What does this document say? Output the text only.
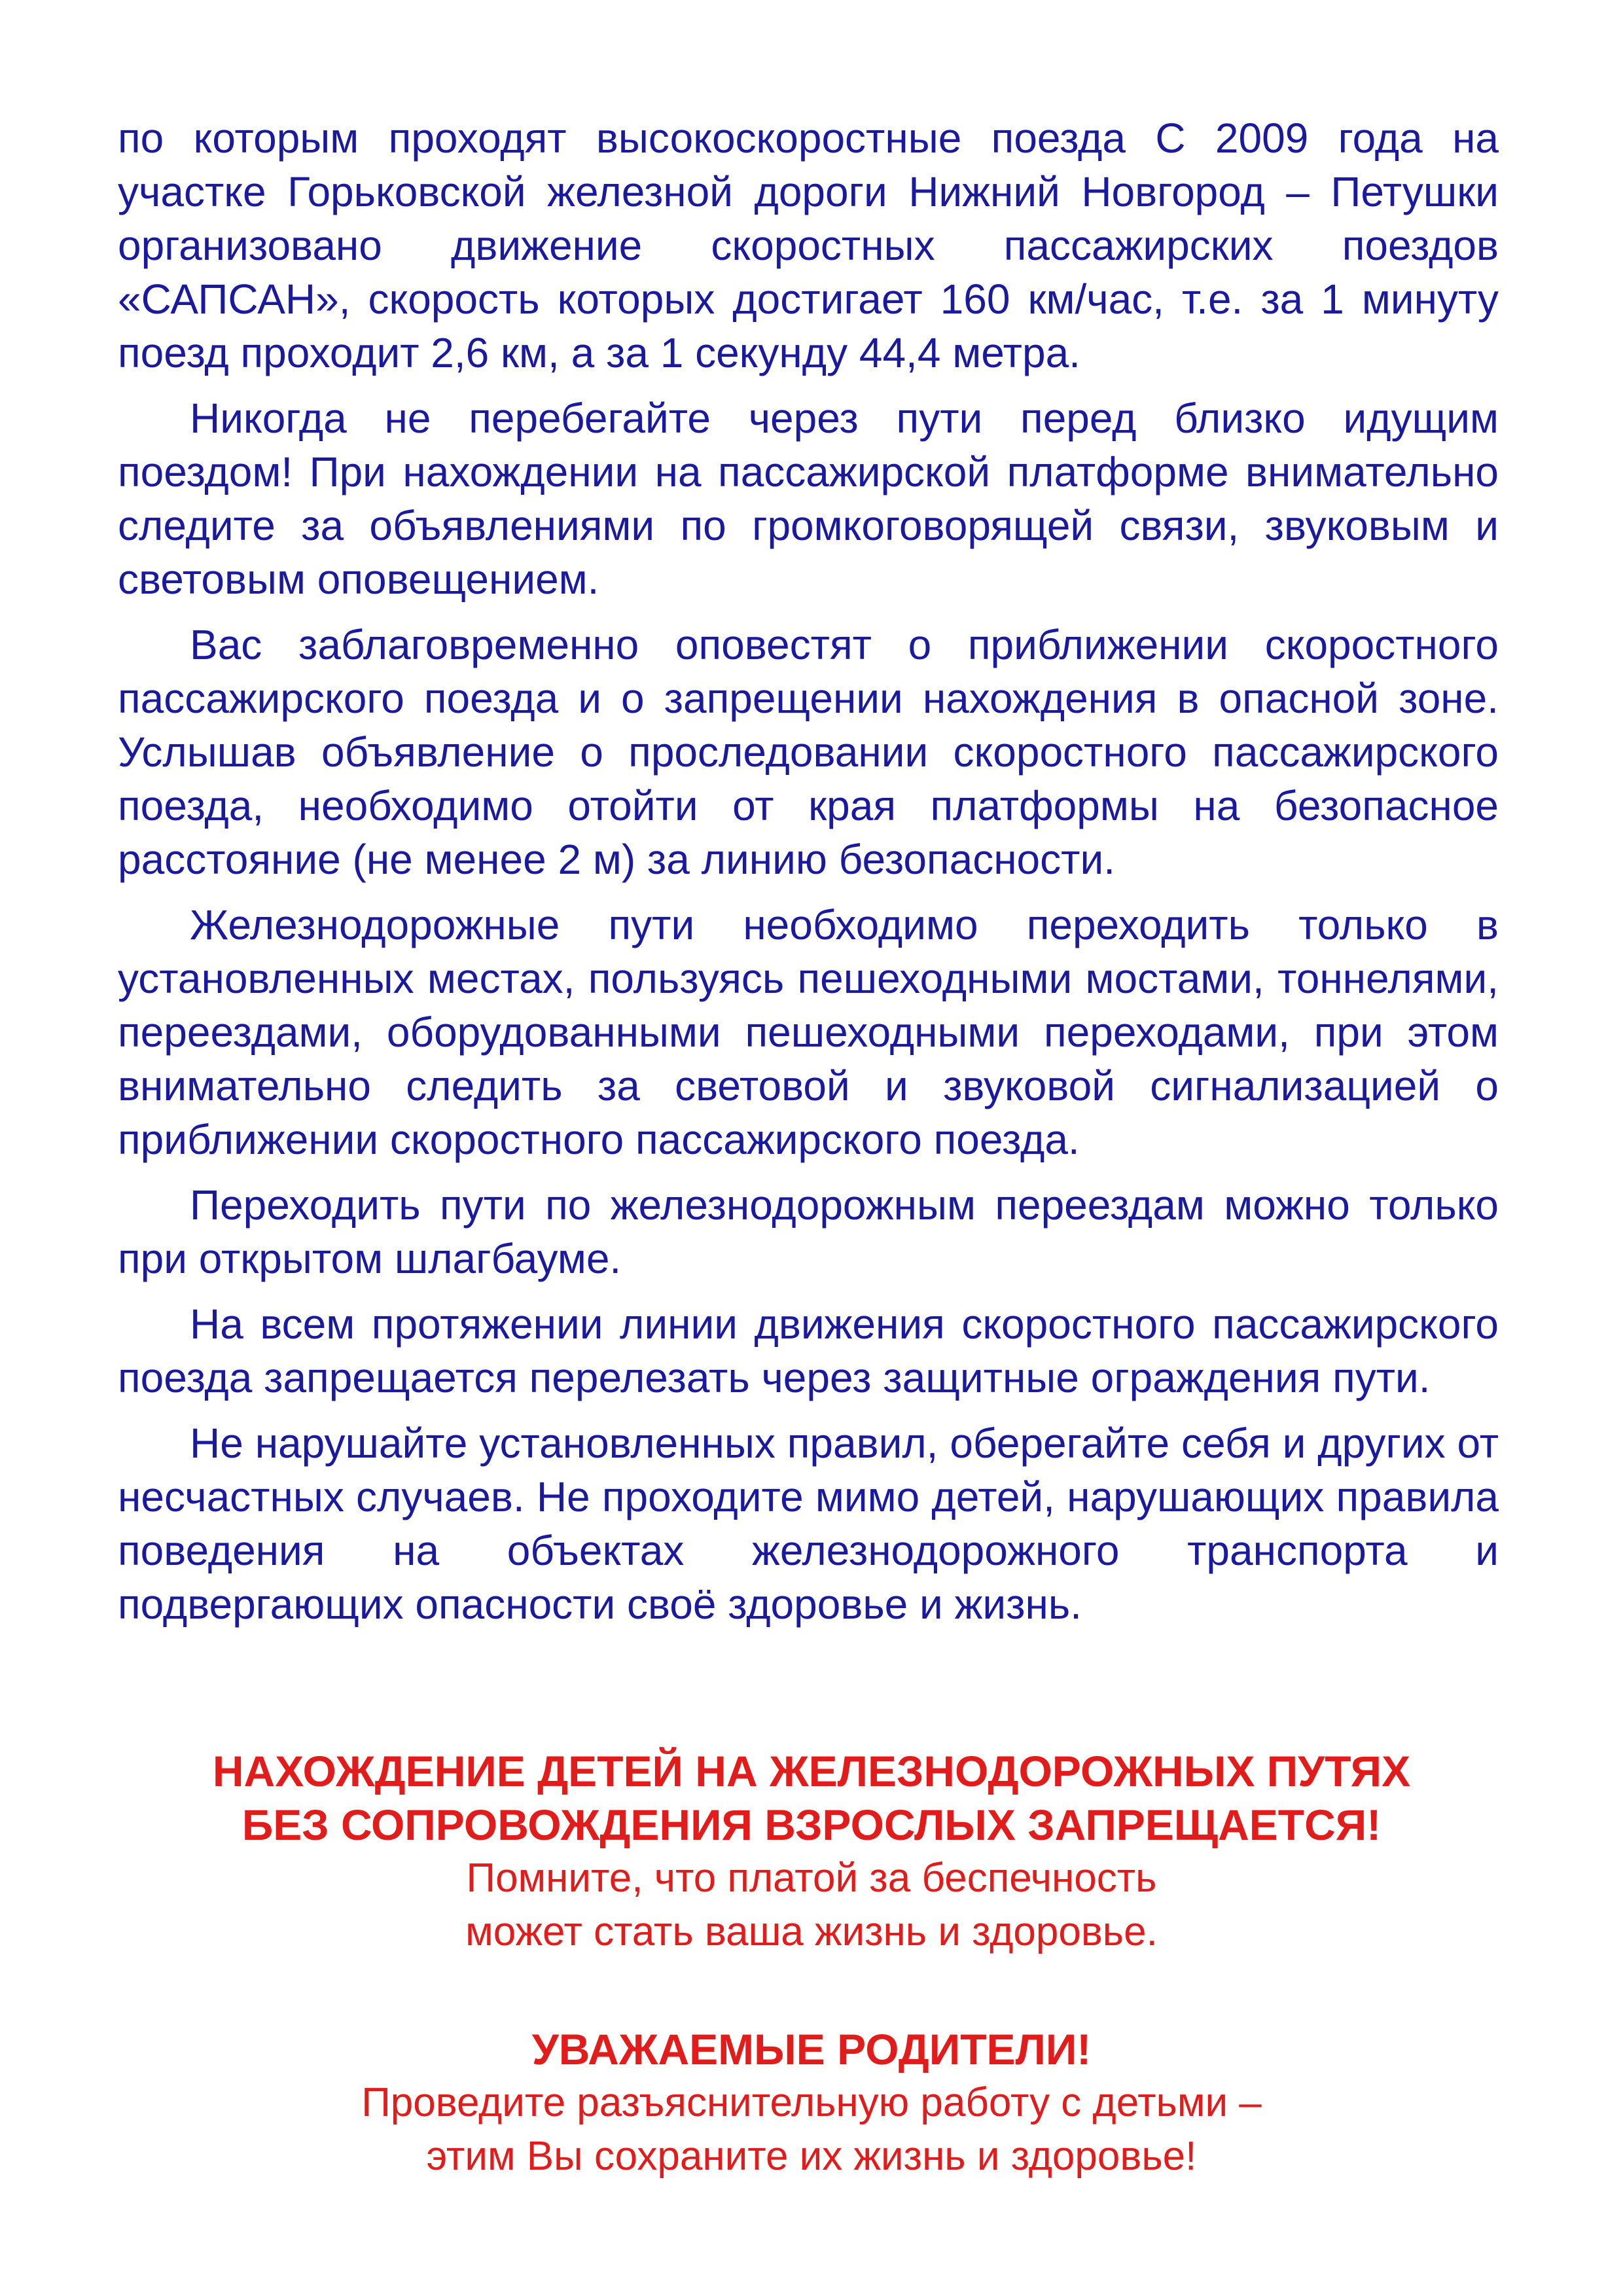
по которым проходят высокоскоростные поезда С 2009 года на участке Горьковской железной дороги Нижний Новгород – Петушки организовано движение скоростных пассажирских поездов «САПСАН», скорость которых достигает 160 км/час, т.е. за 1 минуту поезд проходит 2,6 км, а за 1 секунду 44,4 метра.

Никогда не перебегайте через пути перед близко идущим поездом! При нахождении на пассажирской платформе внимательно следите за объявлениями по громкоговорящей связи, звуковым и световым оповещением.

Вас заблаговременно оповестят о приближении скоростного пассажирского поезда и о запрещении нахождения в опасной зоне. Услышав объявление о проследовании скоростного пассажирского поезда, необходимо отойти от края платформы на безопасное расстояние (не менее 2 м) за линию безопасности.

Железнодорожные пути необходимо переходить только в установленных местах, пользуясь пешеходными мостами, тоннелями, переездами, оборудованными пешеходными переходами, при этом внимательно следить за световой и звуковой сигнализацией о приближении скоростного пассажирского поезда.

Переходить пути по железнодорожным переездам можно только при открытом шлагбауме.

На всем протяжении линии движения скоростного пассажирского поезда запрещается перелезать через защитные ограждения пути.

Не нарушайте установленных правил, оберегайте себя и других от несчастных случаев. Не проходите мимо детей, нарушающих правила поведения на объектах железнодорожного транспорта и подвергающих опасности своё здоровье и жизнь.

НАХОЖДЕНИЕ ДЕТЕЙ НА ЖЕЛЕЗНОДОРОЖНЫХ ПУТЯХ

БЕЗ СОПРОВОЖДЕНИЯ ВЗРОСЛЫХ ЗАПРЕЩАЕТСЯ!

Помните, что платой за беспечность

может стать ваша жизнь и здоровье.

УВАЖАЕМЫЕ РОДИТЕЛИ!

Проведите разъяснительную работу с детьми –

этим Вы сохраните их жизнь и здоровье!
